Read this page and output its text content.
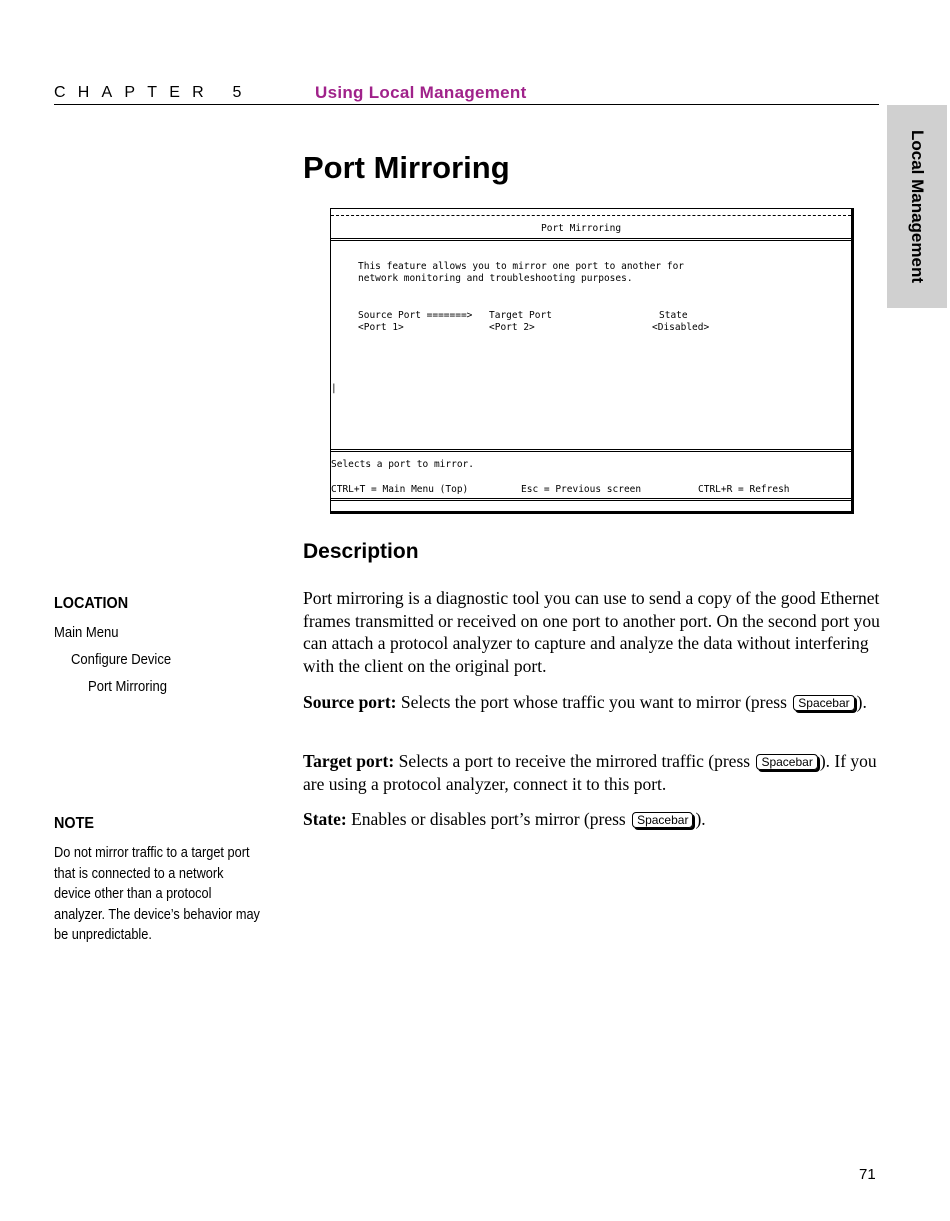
CHAPTER 5	Using Local Management
Local Management
Port Mirroring
Port Mirroring
This feature allows you to mirror one port to another for
network monitoring and troubleshooting purposes.
Source Port =======> Target Port	State
<Port 1>	<Port 2>	<Disabled>
|
Selects a port to mirror.
CTRL+T = Main Menu (Top)	Esc = Previous screen	CTRL+R = Refresh
Description

Port mirroring is a diagnostic tool you can use to send a copy of the good Ethernet frames transmitted or received on one port to another port. On the second port you can attach a protocol analyzer to capture and analyze the data without interfering with the client on the original port.

Source port: Selects the port whose traffic you want to mirror (press Spacebar ).

Target port: Selects a port to receive the mirrored traffic (press Spacebar ). If you are using a protocol analyzer, connect it to this port.

State: Enables or disables port’s mirror (press Spacebar ).

LOCATION
Main Menu
Configure Device
Port Mirroring
NOTE

Do not mirror traffic to a target port that is connected to a network device other than a protocol analyzer. The device’s behavior may be unpredictable.

71
